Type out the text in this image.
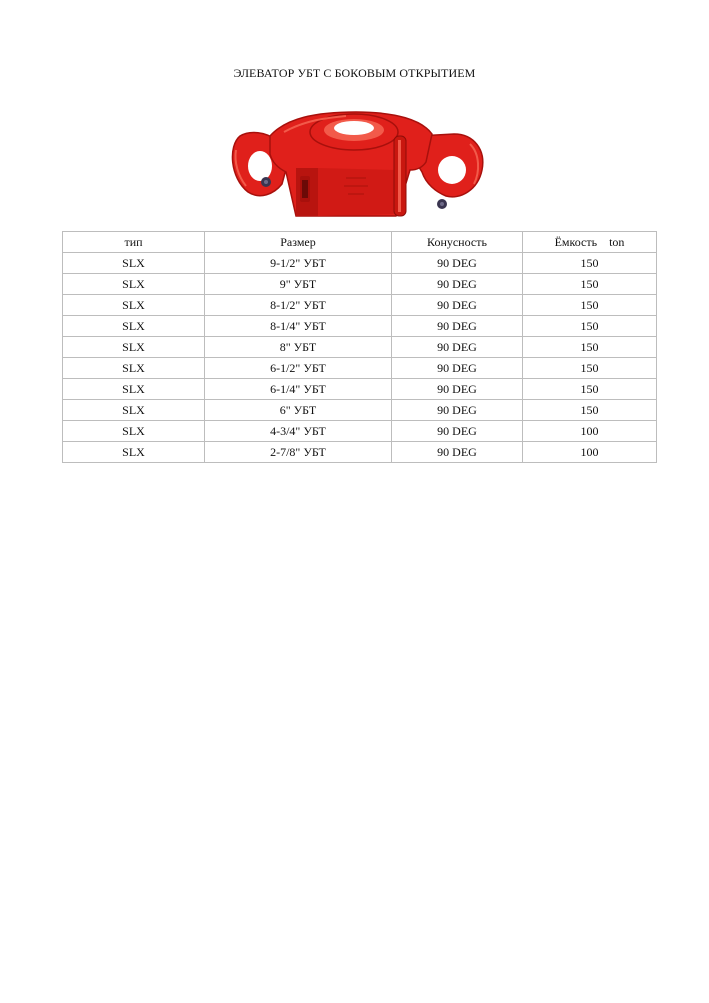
ЭЛЕВАТОР УБТ С БОКОВЫМ ОТКРЫТИЕМ
тип	Размер	Конусность	Ёмкость    ton
SLX	9-1/2" УБТ	90 DEG	150
SLX	9" УБТ	90 DEG	150
SLX	8-1/2" УБТ	90 DEG	150
SLX	8-1/4" УБТ	90 DEG	150
SLX	8" УБТ	90 DEG	150
SLX	6-1/2" УБТ	90 DEG	150
SLX	6-1/4" УБТ	90 DEG	150
SLX	6" УБТ	90 DEG	150
SLX	4-3/4" УБТ	90 DEG	100
SLX	2-7/8" УБТ	90 DEG	100
